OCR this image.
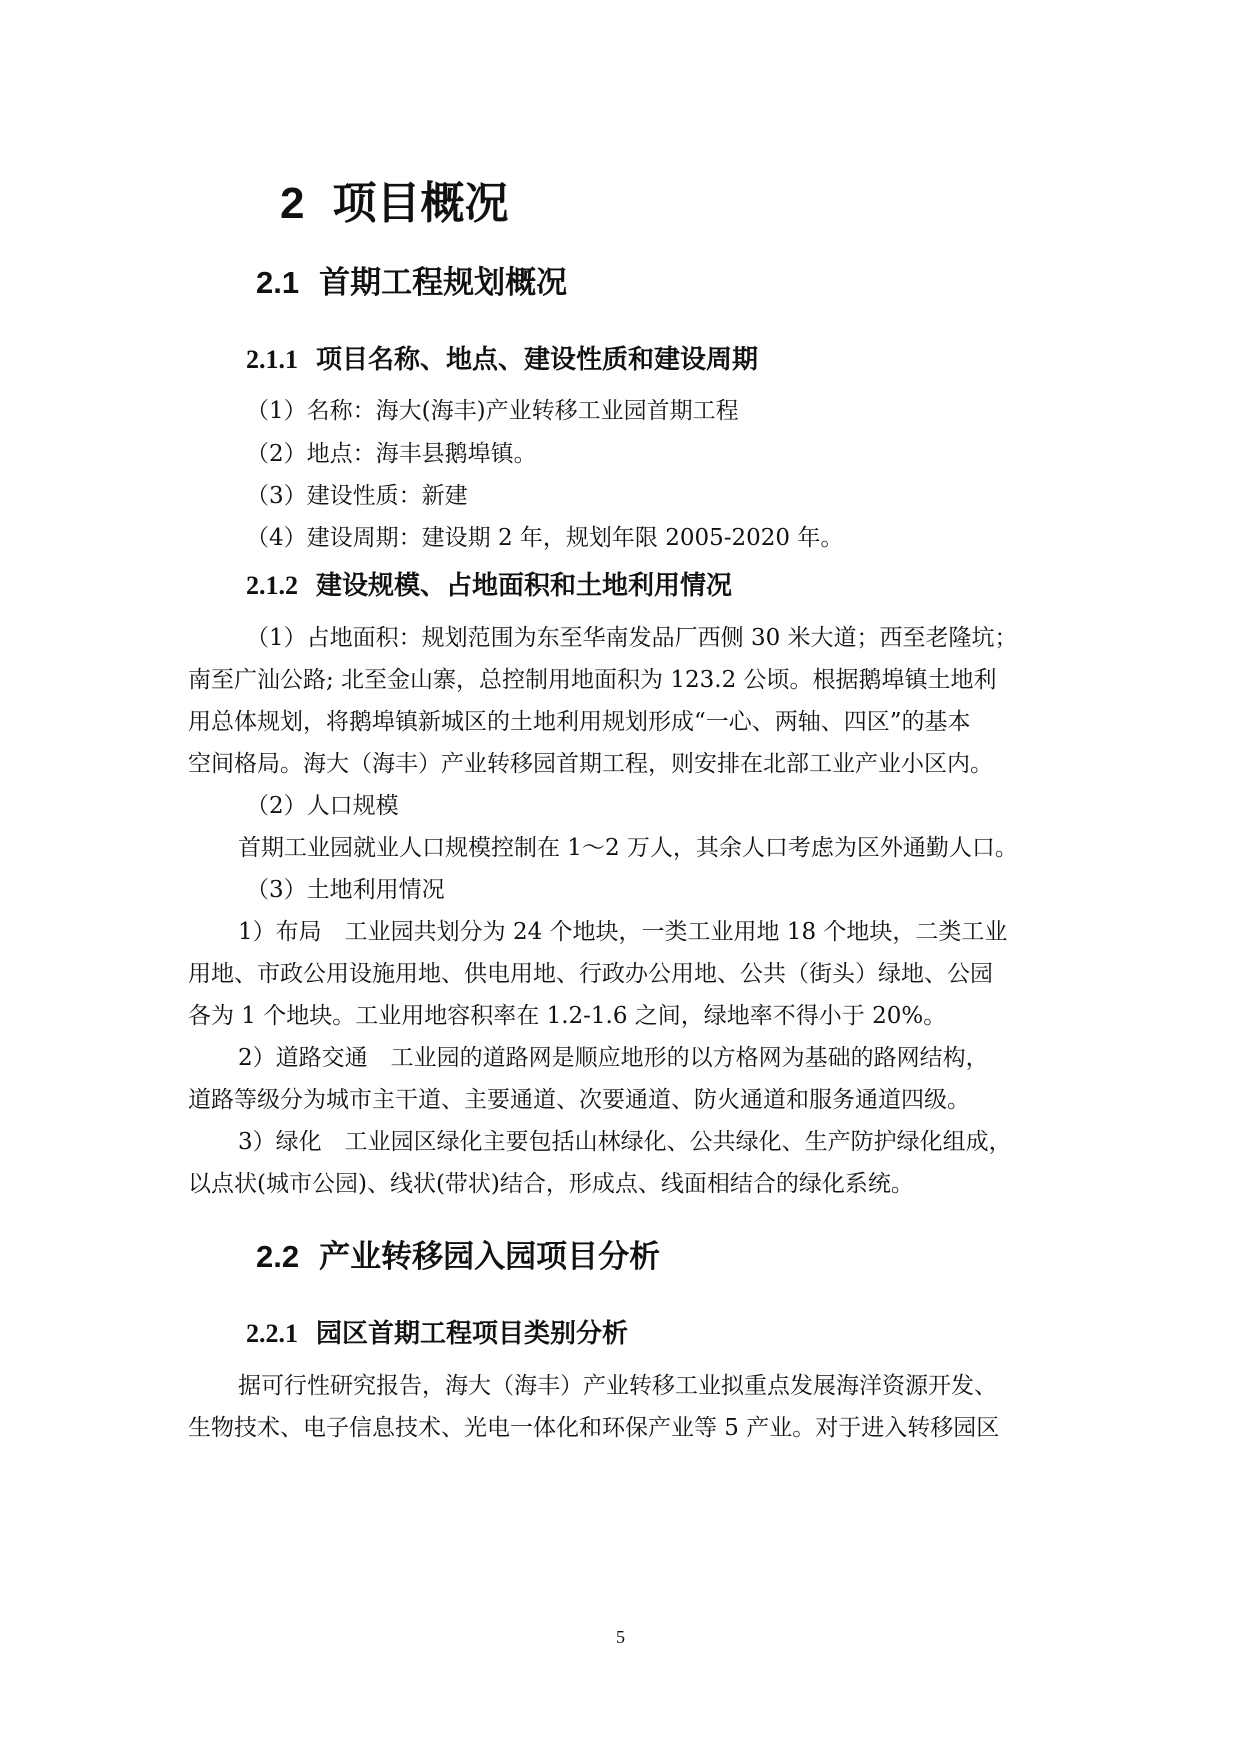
2 项目概况
2.1 首期工程规划概况
2.1.1 项目名称、地点、建设性质和建设周期
（1）名称：海大(海丰)产业转移工业园首期工程
（2）地点：海丰县鹅埠镇。
（3）建设性质：新建
（4）建设周期：建设期 2 年，规划年限 2005-2020 年。
2.1.2 建设规模、占地面积和土地利用情况
（1）占地面积：规划范围为东至华南发品厂西侧 30 米大道；西至老隆坑；
南至广汕公路; 北至金山寨，总控制用地面积为 123.2 公顷。根据鹅埠镇土地利
用总体规划，将鹅埠镇新城区的土地利用规划形成“一心、两轴、四区”的基本
空间格局。海大（海丰）产业转移园首期工程，则安排在北部工业产业小区内。
（2）人口规模
首期工业园就业人口规模控制在 1～2 万人，其余人口考虑为区外通勤人口。
（3）土地利用情况
1）布局　工业园共划分为 24 个地块，一类工业用地 18 个地块，二类工业
用地、市政公用设施用地、供电用地、行政办公用地、公共（街头）绿地、公园
各为 1 个地块。工业用地容积率在 1.2-1.6 之间，绿地率不得小于 20%。
2）道路交通　工业园的道路网是顺应地形的以方格网为基础的路网结构，
道路等级分为城市主干道、主要通道、次要通道、防火通道和服务通道四级。
3）绿化　工业园区绿化主要包括山林绿化、公共绿化、生产防护绿化组成，
以点状(城市公园)、线状(带状)结合，形成点、线面相结合的绿化系统。
2.2 产业转移园入园项目分析
2.2.1 园区首期工程项目类别分析
据可行性研究报告，海大（海丰）产业转移工业拟重点发展海洋资源开发、
生物技术、电子信息技术、光电一体化和环保产业等 5 产业。对于进入转移园区
5
